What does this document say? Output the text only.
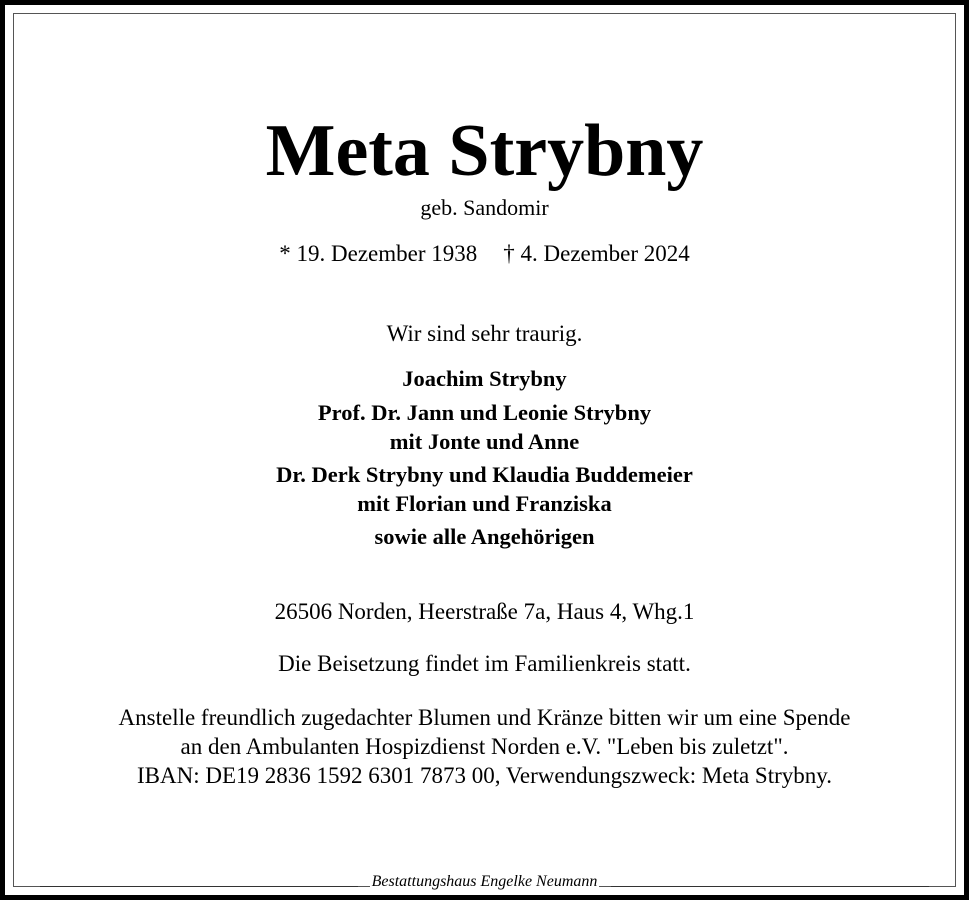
Meta Strybny
geb. Sandomir
* 19. Dezember 1938 † 4. Dezember 2024
Wir sind sehr traurig.
Joachim Strybny
Prof. Dr. Jann und Leonie Strybny
mit Jonte und Anne
Dr. Derk Strybny und Klaudia Buddemeier
mit Florian und Franziska
sowie alle Angehörigen
26506 Norden, Heerstraße 7a, Haus 4, Whg.1
Die Beisetzung findet im Familienkreis statt.
Anstelle freundlich zugedachter Blumen und Kränze bitten wir um eine Spende
an den Ambulanten Hospizdienst Norden e.V. "Leben bis zuletzt".
IBAN: DE19 2836 1592 6301 7873 00, Verwendungszweck: Meta Strybny.
Bestattungshaus Engelke Neumann
